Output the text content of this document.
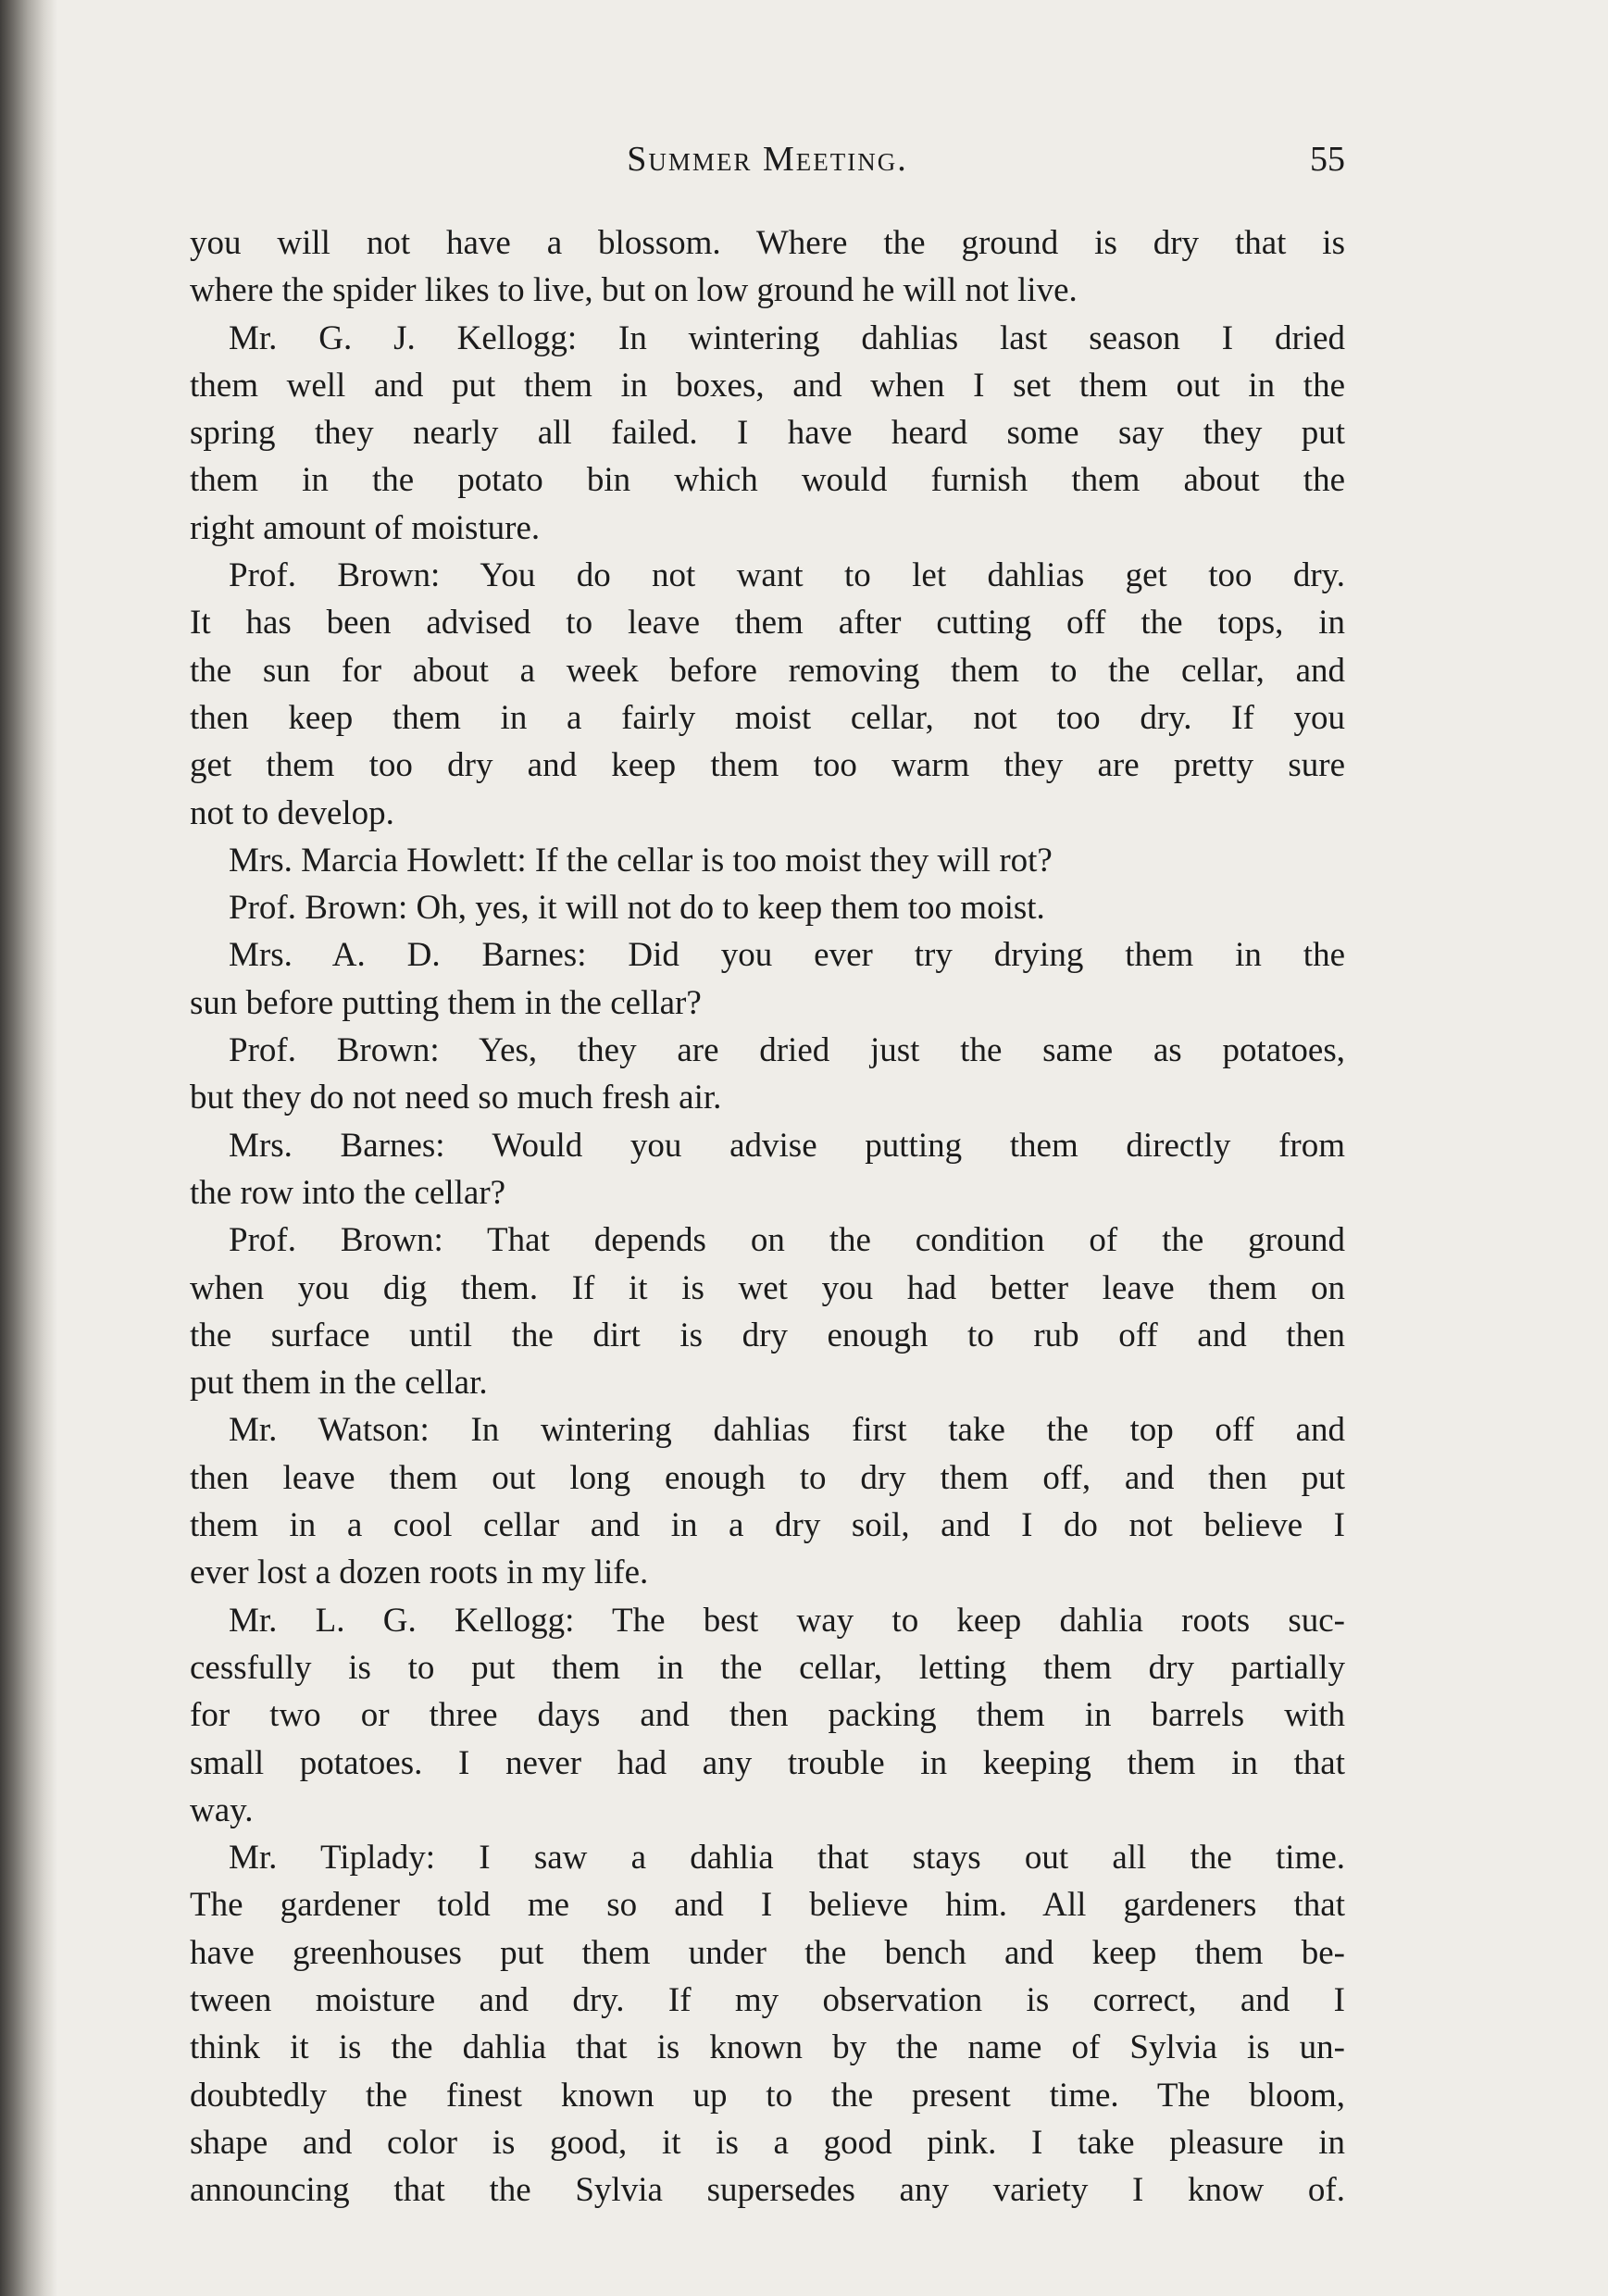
Summer Meeting.	55
you will not have a blossom. Where the ground is dry that is
where the spider likes to live, but on low ground he will not live.
Mr. G. J. Kellogg: In wintering dahlias last season I dried
them well and put them in boxes, and when I set them out in the
spring they nearly all failed. I have heard some say they put
them in the potato bin which would furnish them about the
right amount of moisture.
Prof. Brown: You do not want to let dahlias get too dry.
It has been advised to leave them after cutting off the tops, in
the sun for about a week before removing them to the cellar, and
then keep them in a fairly moist cellar, not too dry. If you
get them too dry and keep them too warm they are pretty sure
not to develop.
Mrs. Marcia Howlett: If the cellar is too moist they will rot?
Prof. Brown: Oh, yes, it will not do to keep them too moist.
Mrs. A. D. Barnes: Did you ever try drying them in the
sun before putting them in the cellar?
Prof. Brown: Yes, they are dried just the same as potatoes,
but they do not need so much fresh air.
Mrs. Barnes: Would you advise putting them directly from
the row into the cellar?
Prof. Brown: That depends on the condition of the ground
when you dig them. If it is wet you had better leave them on
the surface until the dirt is dry enough to rub off and then
put them in the cellar.
Mr. Watson: In wintering dahlias first take the top off and
then leave them out long enough to dry them off, and then put
them in a cool cellar and in a dry soil, and I do not believe I
ever lost a dozen roots in my life.
Mr. L. G. Kellogg: The best way to keep dahlia roots suc-
cessfully is to put them in the cellar, letting them dry partially
for two or three days and then packing them in barrels with
small potatoes. I never had any trouble in keeping them in that
way.
Mr. Tiplady: I saw a dahlia that stays out all the time.
The gardener told me so and I believe him. All gardeners that
have greenhouses put them under the bench and keep them be-
tween moisture and dry. If my observation is correct, and I
think it is the dahlia that is known by the name of Sylvia is un-
doubtedly the finest known up to the present time. The bloom,
shape and color is good, it is a good pink. I take pleasure in
announcing that the Sylvia supersedes any variety I know of.
